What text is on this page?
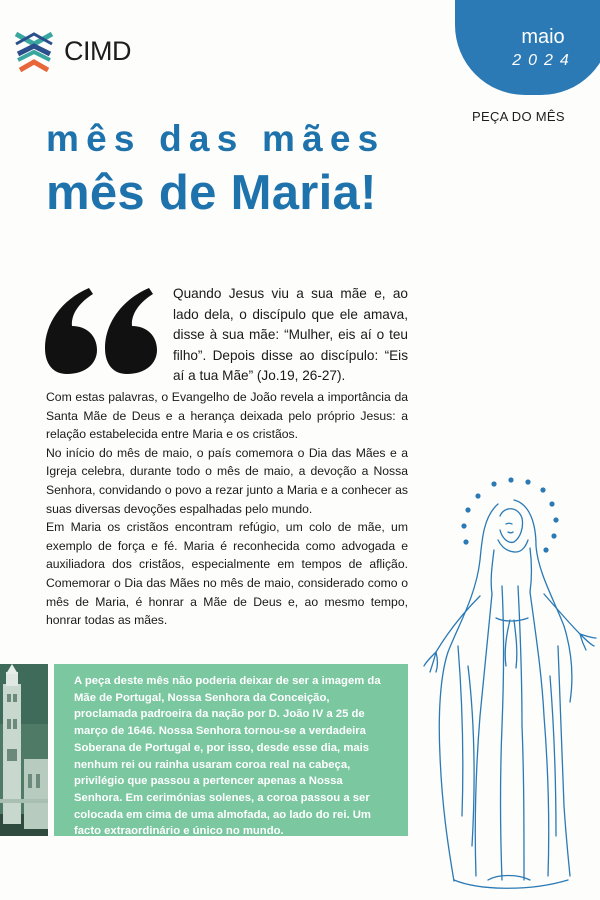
CIMD	maio
2024
PEÇA DO MÊS
mês das mães
mês de Maria!
Quando Jesus viu a sua mãe e, ao lado dela, o discípulo que ele amava, disse à sua mãe: “Mulher, eis aí o teu filho”. Depois disse ao discípulo: “Eis aí a tua Mãe” (Jo.19, 26-27).

Com estas palavras, o Evangelho de João revela a importância da Santa Mãe de Deus e a herança deixada pelo próprio Jesus: a relação estabelecida entre Maria e os cristãos.

No início do mês de maio, o país comemora o Dia das Mães e a Igreja celebra, durante todo o mês de maio, a devoção a Nossa Senhora, convidando o povo a rezar junto a Maria e a conhecer as suas diversas devoções espalhadas pelo mundo.

Em Maria os cristãos encontram refúgio, um colo de mãe, um exemplo de força e fé. Maria é reconhecida como advogada e auxiliadora dos cristãos, especialmente em tempos de aflição. Comemorar o Dia das Mães no mês de maio, considerado como o mês de Maria, é honrar a Mãe de Deus e, ao mesmo tempo, honrar todas as mães.

A peça deste mês não poderia deixar de ser a imagem da Mãe de Portugal, Nossa Senhora da Conceição, proclamada padroeira da nação por D. João IV a 25 de março de 1646. Nossa Senhora tornou-se a verdadeira Soberana de Portugal e, por isso, desde esse dia, mais nenhum rei ou rainha usaram coroa real na cabeça, privilégio que passou a pertencer apenas a Nossa Senhora. Em cerimónias solenes, a coroa passou a ser colocada em cima de uma almofada, ao lado do rei. Um facto extraordinário e único no mundo.
